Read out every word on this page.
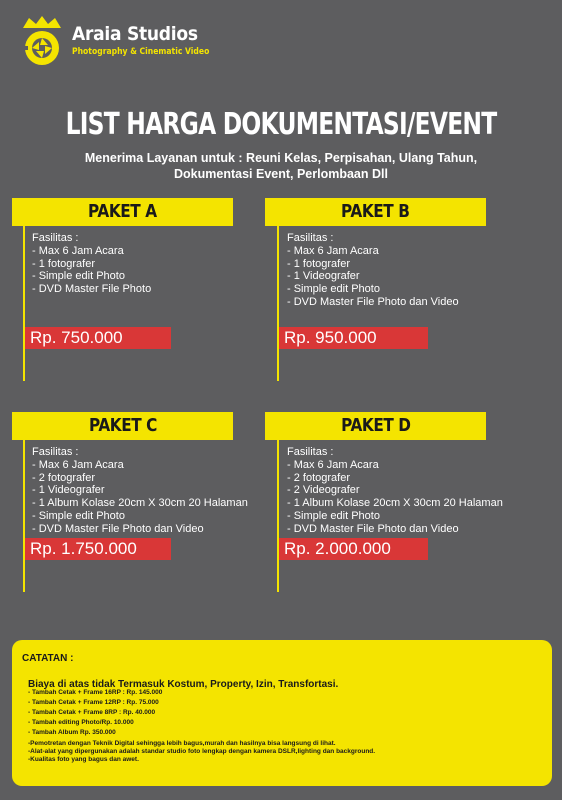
Araia Studios
Photography & Cinematic Video
LIST HARGA DOKUMENTASI/EVENT
Menerima Layanan untuk : Reuni Kelas, Perpisahan, Ulang Tahun,
Dokumentasi Event, Perlombaan Dll
PAKET A
Fasilitas :
- Max 6 Jam Acara
- 1 fotografer
- Simple edit Photo
- DVD Master File Photo
Rp. 750.000
PAKET B
Fasilitas :
- Max 6 Jam Acara
- 1 fotografer
- 1 Videografer
- Simple edit Photo
- DVD Master File Photo dan Video
Rp. 950.000
PAKET C
Fasilitas :
- Max 6 Jam Acara
- 2 fotografer
- 1 Videografer
- 1 Album Kolase 20cm X 30cm 20 Halaman
- Simple edit Photo
- DVD Master File Photo dan Video
Rp. 1.750.000
PAKET D
Fasilitas :
- Max 6 Jam Acara
- 2 fotografer
- 2 Videografer
- 1 Album Kolase 20cm X 30cm 20 Halaman
- Simple edit Photo
- DVD Master File Photo dan Video
Rp. 2.000.000
CATATAN :
Biaya di atas tidak Termasuk Kostum, Property, Izin, Transfortasi.
- Tambah Cetak + Frame 16RP : Rp. 145.000
- Tambah Cetak + Frame 12RP : Rp. 75.000
- Tambah Cetak + Frame 8RP : Rp. 40.000
- Tambah editing Photo/Rp. 10.000
- Tambah Album Rp. 350.000
-Pemotretan dengan Teknik Digital sehingga lebih bagus,murah dan hasilnya bisa langsung di lihat.
-Alat-alat yang dipergunakan adalah standar studio foto lengkap dengan kamera DSLR,lighting dan background.
-Kualitas foto yang bagus dan awet.
